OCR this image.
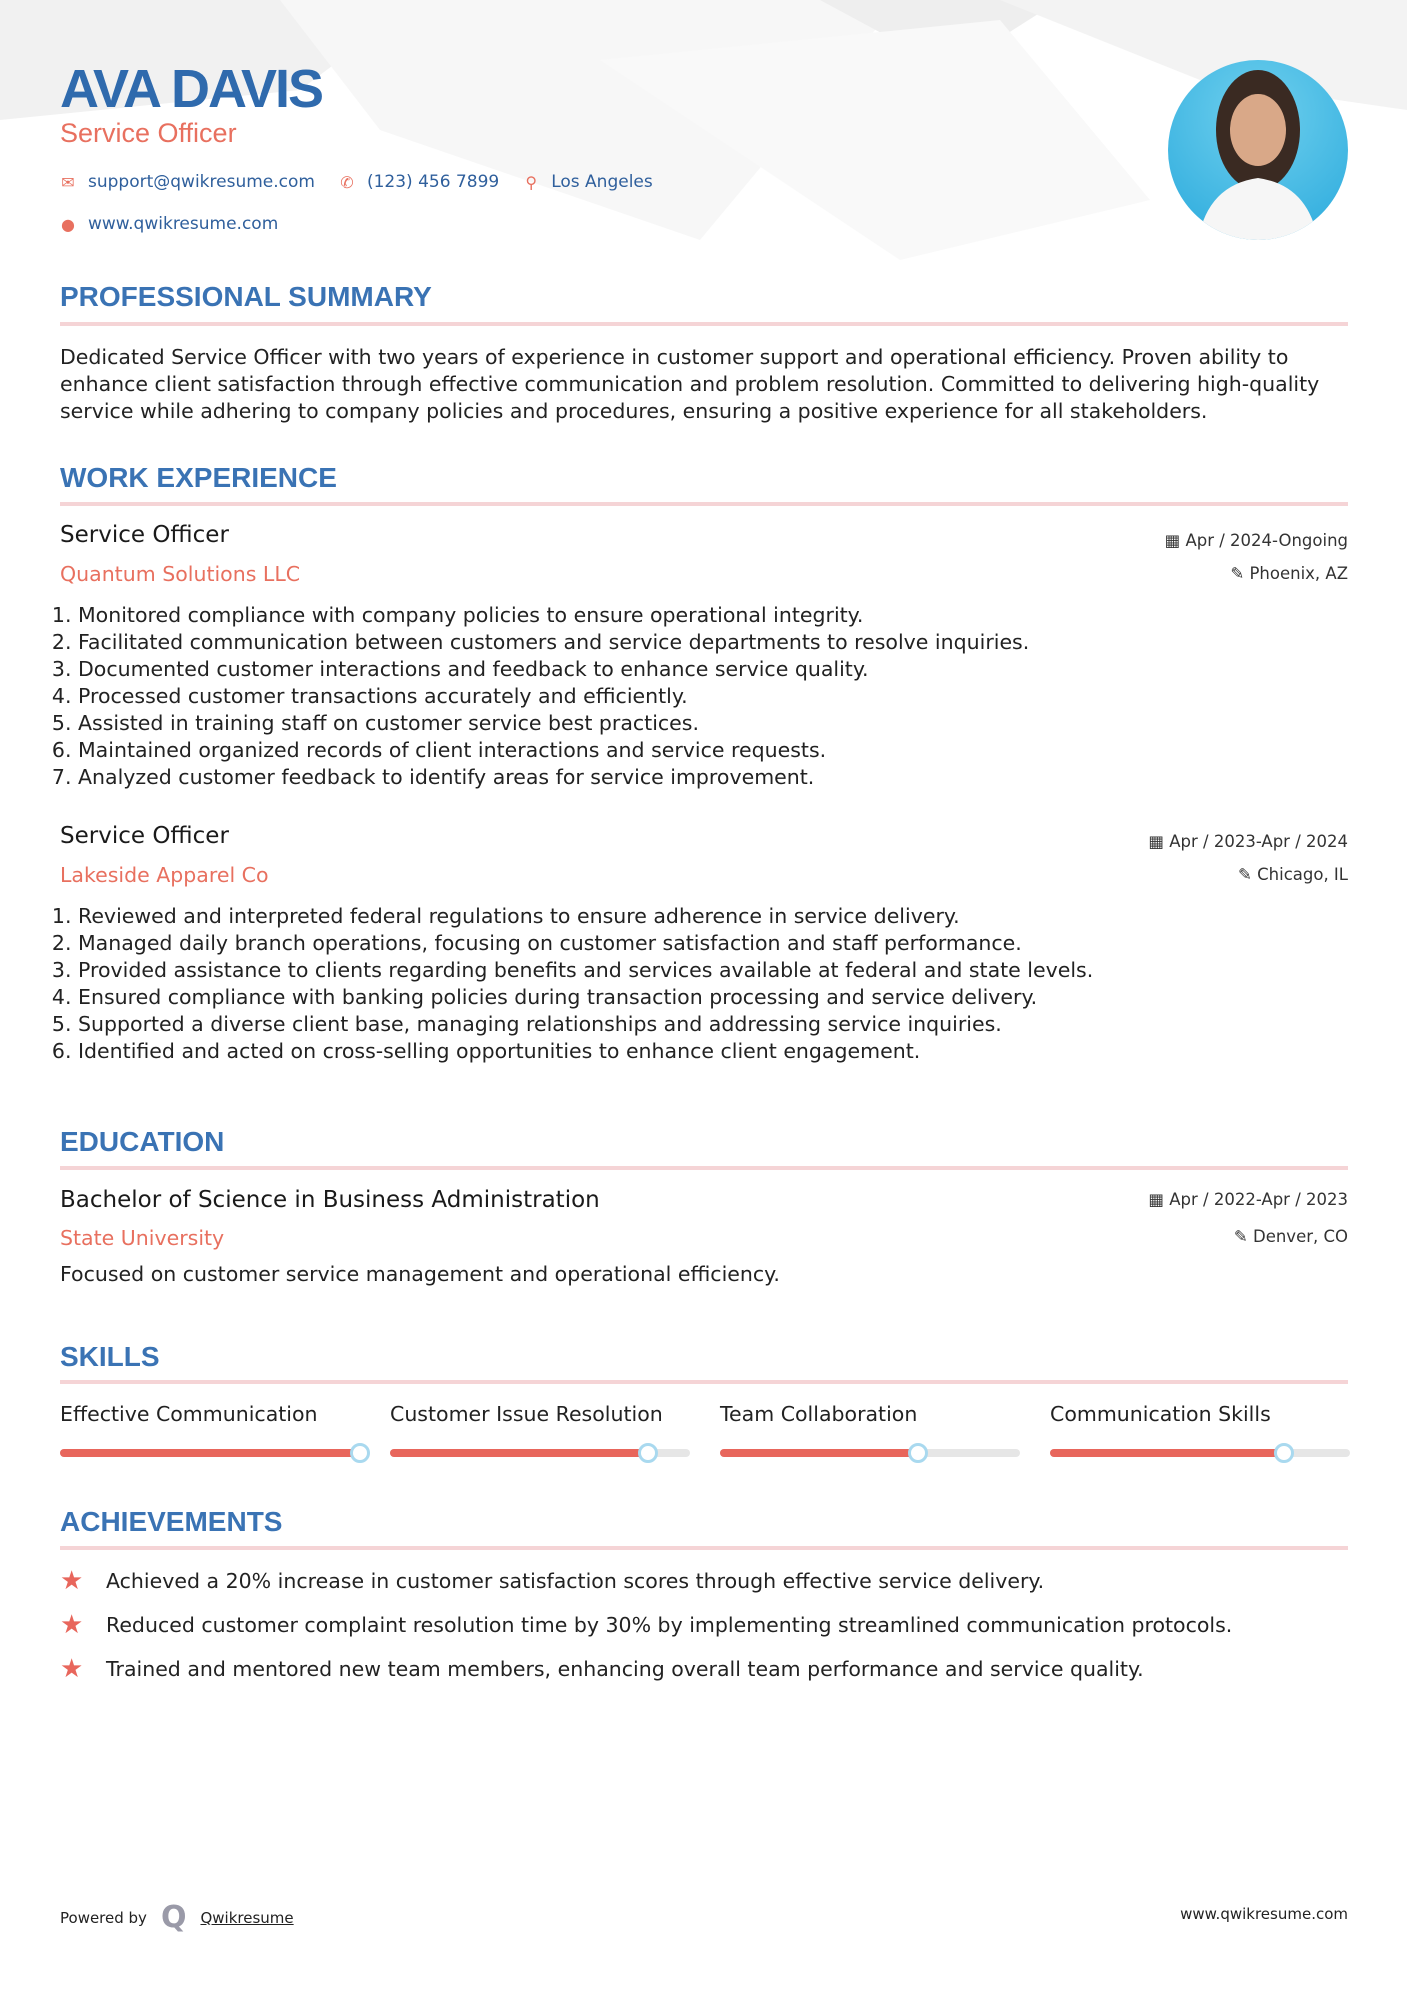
AVA DAVIS
Service Officer
✉ support@qwikresume.com ✆ (123) 456 7899 ⚲ Los Angeles
● www.qwikresume.com
PROFESSIONAL SUMMARY
Dedicated Service Officer with two years of experience in customer support and operational efficiency. Proven ability to enhance client satisfaction through effective communication and problem resolution. Committed to delivering high-quality service while adhering to company policies and procedures, ensuring a positive experience for all stakeholders.
WORK EXPERIENCE
Service Officer
Quantum Solutions LLC
▦ Apr / 2024-Ongoing
✎ Phoenix, AZ
1. Monitored compliance with company policies to ensure operational integrity.
2. Facilitated communication between customers and service departments to resolve inquiries.
3. Documented customer interactions and feedback to enhance service quality.
4. Processed customer transactions accurately and efficiently.
5. Assisted in training staff on customer service best practices.
6. Maintained organized records of client interactions and service requests.
7. Analyzed customer feedback to identify areas for service improvement.
Service Officer
Lakeside Apparel Co
▦ Apr / 2023-Apr / 2024
✎ Chicago, IL
1. Reviewed and interpreted federal regulations to ensure adherence in service delivery.
2. Managed daily branch operations, focusing on customer satisfaction and staff performance.
3. Provided assistance to clients regarding benefits and services available at federal and state levels.
4. Ensured compliance with banking policies during transaction processing and service delivery.
5. Supported a diverse client base, managing relationships and addressing service inquiries.
6. Identified and acted on cross-selling opportunities to enhance client engagement.
EDUCATION
Bachelor of Science in Business Administration
State University
▦ Apr / 2022-Apr / 2023
✎ Denver, CO
Focused on customer service management and operational efficiency.
SKILLS
Effective Communication	Customer Issue Resolution	Team Collaboration	Communication Skills
ACHIEVEMENTS
★	Achieved a 20% increase in customer satisfaction scores through effective service delivery.
★	Reduced customer complaint resolution time by 30% by implementing streamlined communication protocols.
★	Trained and mentored new team members, enhancing overall team performance and service quality.
Powered by Q Qwikresume	www.qwikresume.com
